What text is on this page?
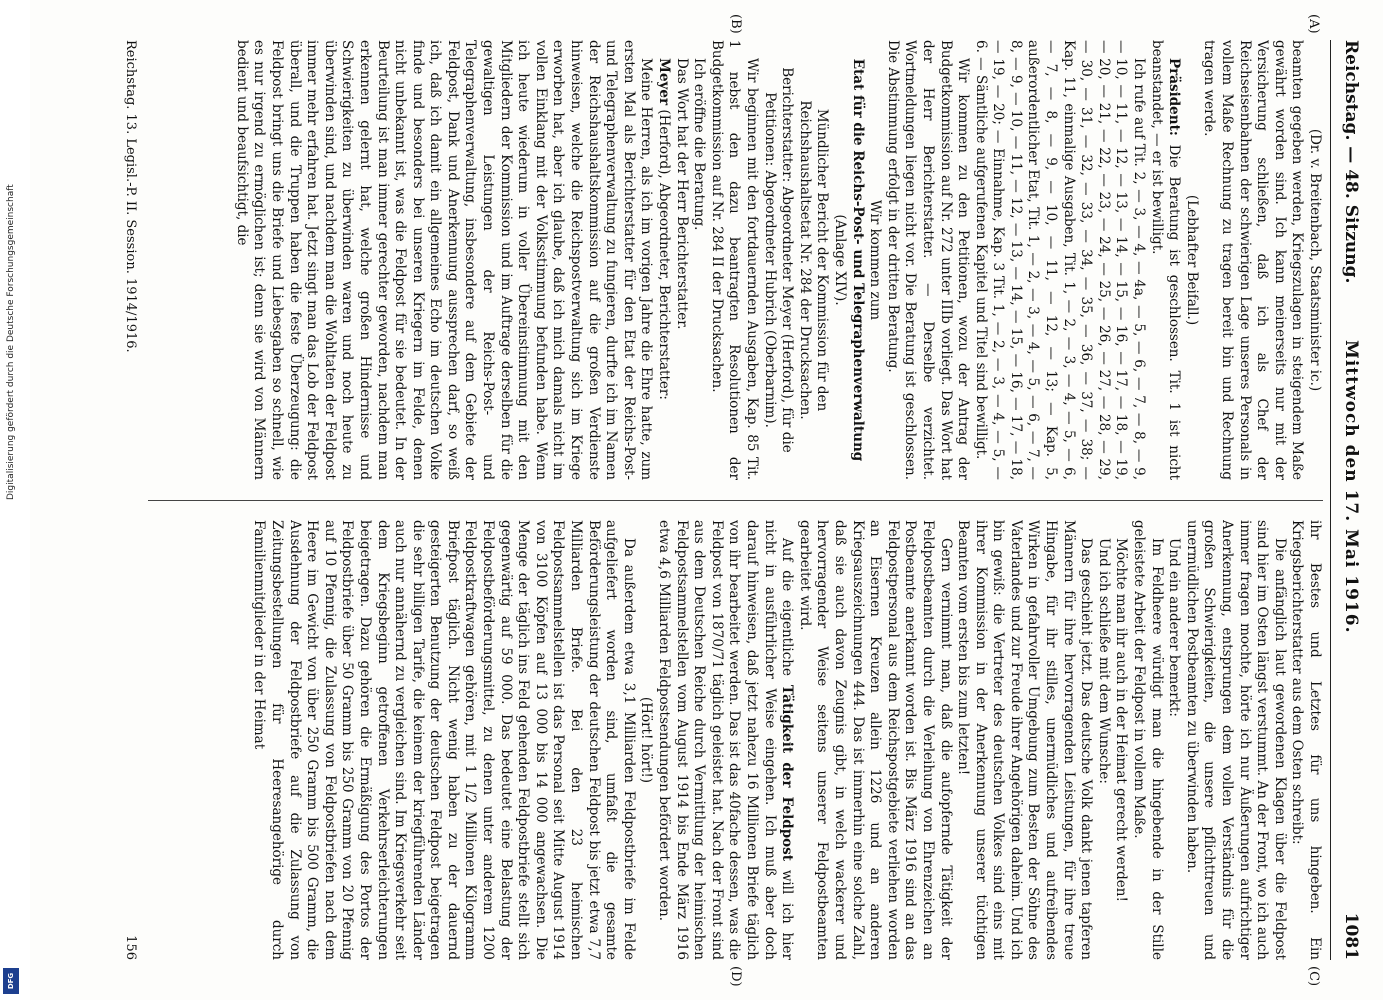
Digitalisierung gefördert durch die Deutsche Forschungsgemeinschaft
DFG
Reichstag. — 48. Sitzung.
Mittwoch den 17. Mai 1916.
1081
(A)
(B)
(C)
(D)

(Dr. v. Breitenbach, Staatsminister ic.)

beamten gegeben werden, Kriegszulagen in steigendem Maße gewährt worden sind. Ich kann meinerseits nur mit der Versicherung schließen, daß ich als Chef der Reichseisenbahnen der schwierigen Lage unseres Personals in vollem Maße Rechnung zu tragen bereit bin und Rechnung tragen werde.

(Lebhafter Beifall.)

Präsident: Die Beratung ist geschlossen. Tit. 1 ist nicht beanstandet, — er ist bewilligt.

Ich rufe auf Tit. 2, — 3, — 4, — 4a, — 5, — 6, — 7, — 8, — 9, — 10, — 11, — 12, — 13, — 14, — 15, — 16, — 17, — 18, — 19, — 20, — 21, — 22, — 23, — 24, — 25, — 26, — 27, — 28, — 29, — 30, — 31, — 32, — 33, — 34, — 35, — 36, — 37, — 38; — Kap. 11, einmalige Ausgaben, Tit. 1, — 2, — 3, — 4, — 5, — 6, — 7, — 8, — 9, — 10, — 11, — 12, — 13; — Kap. 5, außerordentlicher Etat, Tit. 1, — 2, — 3, — 4, — 5, — 6, — 7, — 8, — 9, — 10, — 11, — 12, — 13, — 14, — 15, — 16, — 17, — 18, — 19, — 20; — Einnahme, Kap. 3 Tit. 1, — 2, — 3, — 4, — 5, — 6. — Sämtliche aufgerufenen Kapitel und Titel sind bewilligt.

Wir kommen zu den Petitionen, wozu der Antrag der Budgetkommission auf Nr. 272 unter IIIb vorliegt. Das Wort hat der Herr Berichterstatter. — Derselbe verzichtet. Wortmeldungen liegen nicht vor. Die Beratung ist geschlossen. Die Abstimmung erfolgt in der dritten Beratung.

Wir kommen zum

Etat für die Reichs-Post- und Telegraphenverwaltung

(Anlage XIV).

Mündlicher Bericht der Kommission für den Reichshaushaltsetat Nr. 284 der Drucksachen.

Berichterstatter: Abgeordneter Meyer (Herford), für die Petitionen: Abgeordneter Hubrich (Oberbarnim).

Wir beginnen mit den fortdauernden Ausgaben, Kap. 85 Tit. 1 nebst den dazu beantragten Resolutionen der Budgetkommission auf Nr. 284 II der Drucksachen.

Ich eröffne die Beratung.

Das Wort hat der Herr Berichterstatter.

Meyer (Herford), Abgeordneter, Berichterstatter:

Meine Herren, als ich im vorigen Jahre die Ehre hatte, zum ersten Mal als Berichterstatter für den Etat der Reichs-Post- und Telegraphenverwaltung zu fungieren, durfte ich im Namen der Reichshaushaltskommission auf die großen Verdienste hinweisen, welche die Reichspostverwaltung sich im Kriege erworben hat, aber ich glaube, daß ich mich damals nicht im vollen Einklang mit der Volksstimmung befunden habe. Wenn ich heute wiederum in voller Übereinstimmung mit den Mitgliedern der Kommission und im Auftrage derselben für die gewaltigen Leistungen der Reichs-Post- und Telegraphenverwaltung, insbesondere auf dem Gebiete der Feldpost, Dank und Anerkennung aussprechen darf, so weiß ich, daß ich damit ein allgemeines Echo im deutschen Volke finde und besonders bei unseren Kriegern im Felde, denen nicht unbekannt ist, was die Feldpost für sie bedeutet. In der Beurteilung ist man immer gerechter geworden, nachdem man erkennen gelernt hat, welche großen Hindernisse und Schwierigkeiten zu überwinden waren und noch heute zu überwinden sind, und nachdem man die Wohltaten der Feldpost immer mehr erfahren hat. Jetzt singt man das Lob der Feldpost überall, und die Truppen haben die feste Überzeugung: die Feldpost bringt uns die Briefe und Liebesgaben so schnell, wie es nur irgend zu ermöglichen ist; denn sie wird von Männern bedient und beaufsichtigt, die

ihr Bestes und Letztes für uns hingeben. Ein Kriegsberichterstatter aus dem Osten schreibt:

Die anfänglich laut gewordenen Klagen über die Feldpost sind hier im Osten längst verstummt. An der Front, wo ich auch immer fragen mochte, hörte ich nur Äußerungen aufrichtiger Anerkennung, entsprungen dem vollen Verständnis für die großen Schwierigkeiten, die unsere pflichttreuen und unermüdlichen Postbeamten zu überwinden haben.

Und ein anderer bemerkt:

Im Feldheere würdigt man die hingebende in der Stille geleistete Arbeit der Feldpost in vollem Maße.

Möchte man ihr auch in der Heimat gerecht werden!

Und ich schließe mit dem Wunsche:

Das geschieht jetzt. Das deutsche Volk dankt jenen tapferen Männern für ihre hervorragenden Leistungen, für ihre treue Hingabe, für ihr stilles, unermüdliches und aufreibendes Wirken in gefahrvoller Umgebung zum Besten der Söhne des Vaterlandes und zur Freude ihrer Angehörigen daheim. Und ich bin gewiß: die Vertreter des deutschen Volkes sind eins mit ihrer Kommission in der Anerkennung unserer tüchtigen Beamten vom ersten bis zum letzten!

Gern vernimmt man, daß die aufopfernde Tätigkeit der Feldpostbeamten durch die Verleihung von Ehrenzeichen an Postbeamte anerkannt worden ist. Bis März 1916 sind an das Feldpostpersonal aus dem Reichspostgebiete verliehen worden an Eisernen Kreuzen allein 1226 und an anderen Kriegsauszeichnungen 444. Das ist immerhin eine solche Zahl, daß sie auch davon Zeugnis gibt, in welch wackerer und hervorragender Weise seitens unserer Feldpostbeamten gearbeitet wird.

Auf die eigentliche Tätigkeit der Feldpost will ich hier nicht in ausführlicher Weise eingehen. Ich muß aber doch darauf hinweisen, daß jetzt nahezu 16 Millionen Briefe täglich von ihr bearbeitet werden. Das ist das 40fache dessen, was die Feldpost von 1870/71 täglich geleistet hat. Nach der Front sind aus dem Deutschen Reiche durch Vermittlung der heimischen Feldpostsammelstellen vom August 1914 bis Ende März 1916 etwa 4,6 Milliarden Feldpostsendungen befördert worden.

(Hört! hört!)

Da außerdem etwa 3,1 Milliarden Feldpostbriefe im Felde aufgeliefert worden sind, umfaßt die gesamte Beförderungsleistung der deutschen Feldpost bis jetzt etwa 7,7 Milliarden Briefe. Bei den 23 heimischen Feldpostsammelstellen ist das Personal seit Mitte August 1914 von 3100 Köpfen auf 13 000 bis 14 000 angewachsen. Die Menge der täglich ins Feld gehenden Feldpostbriefe stellt sich gegenwärtig auf 59 000. Das bedeutet eine Belastung der Feldpostbeförderungsmittel, zu denen unter anderem 1200 Feldpostkraftwagen gehören, mit 1 1/2 Millionen Kilogramm Briefpost täglich. Nicht wenig haben zu der dauernd gesteigerten Benutzung der deutschen Feldpost beigetragen die sehr billigen Tarife, die keinem der kriegführenden Länder auch nur annähernd zu vergleichen sind. Im Kriegsverkehr seit dem Kriegsbeginn getroffenen Verkehrserleichterungen beigetragen. Dazu gehören die Ermäßigung des Portos der Feldpostbriefe über 50 Gramm bis 250 Gramm von 20 Pfennig auf 10 Pfennig, die Zulassung von Feldpostbriefen nach dem Heere im Gewicht von über 250 Gramm bis 500 Gramm, die Ausdehnung der Feldpostbriefe auf die Zulassung von Zeitungsbestellungen für Heeresangehörige durch Familienmitglieder in der Heimat

Reichstag. 13. Legisl.-P. II. Session. 1914/1916.
156
